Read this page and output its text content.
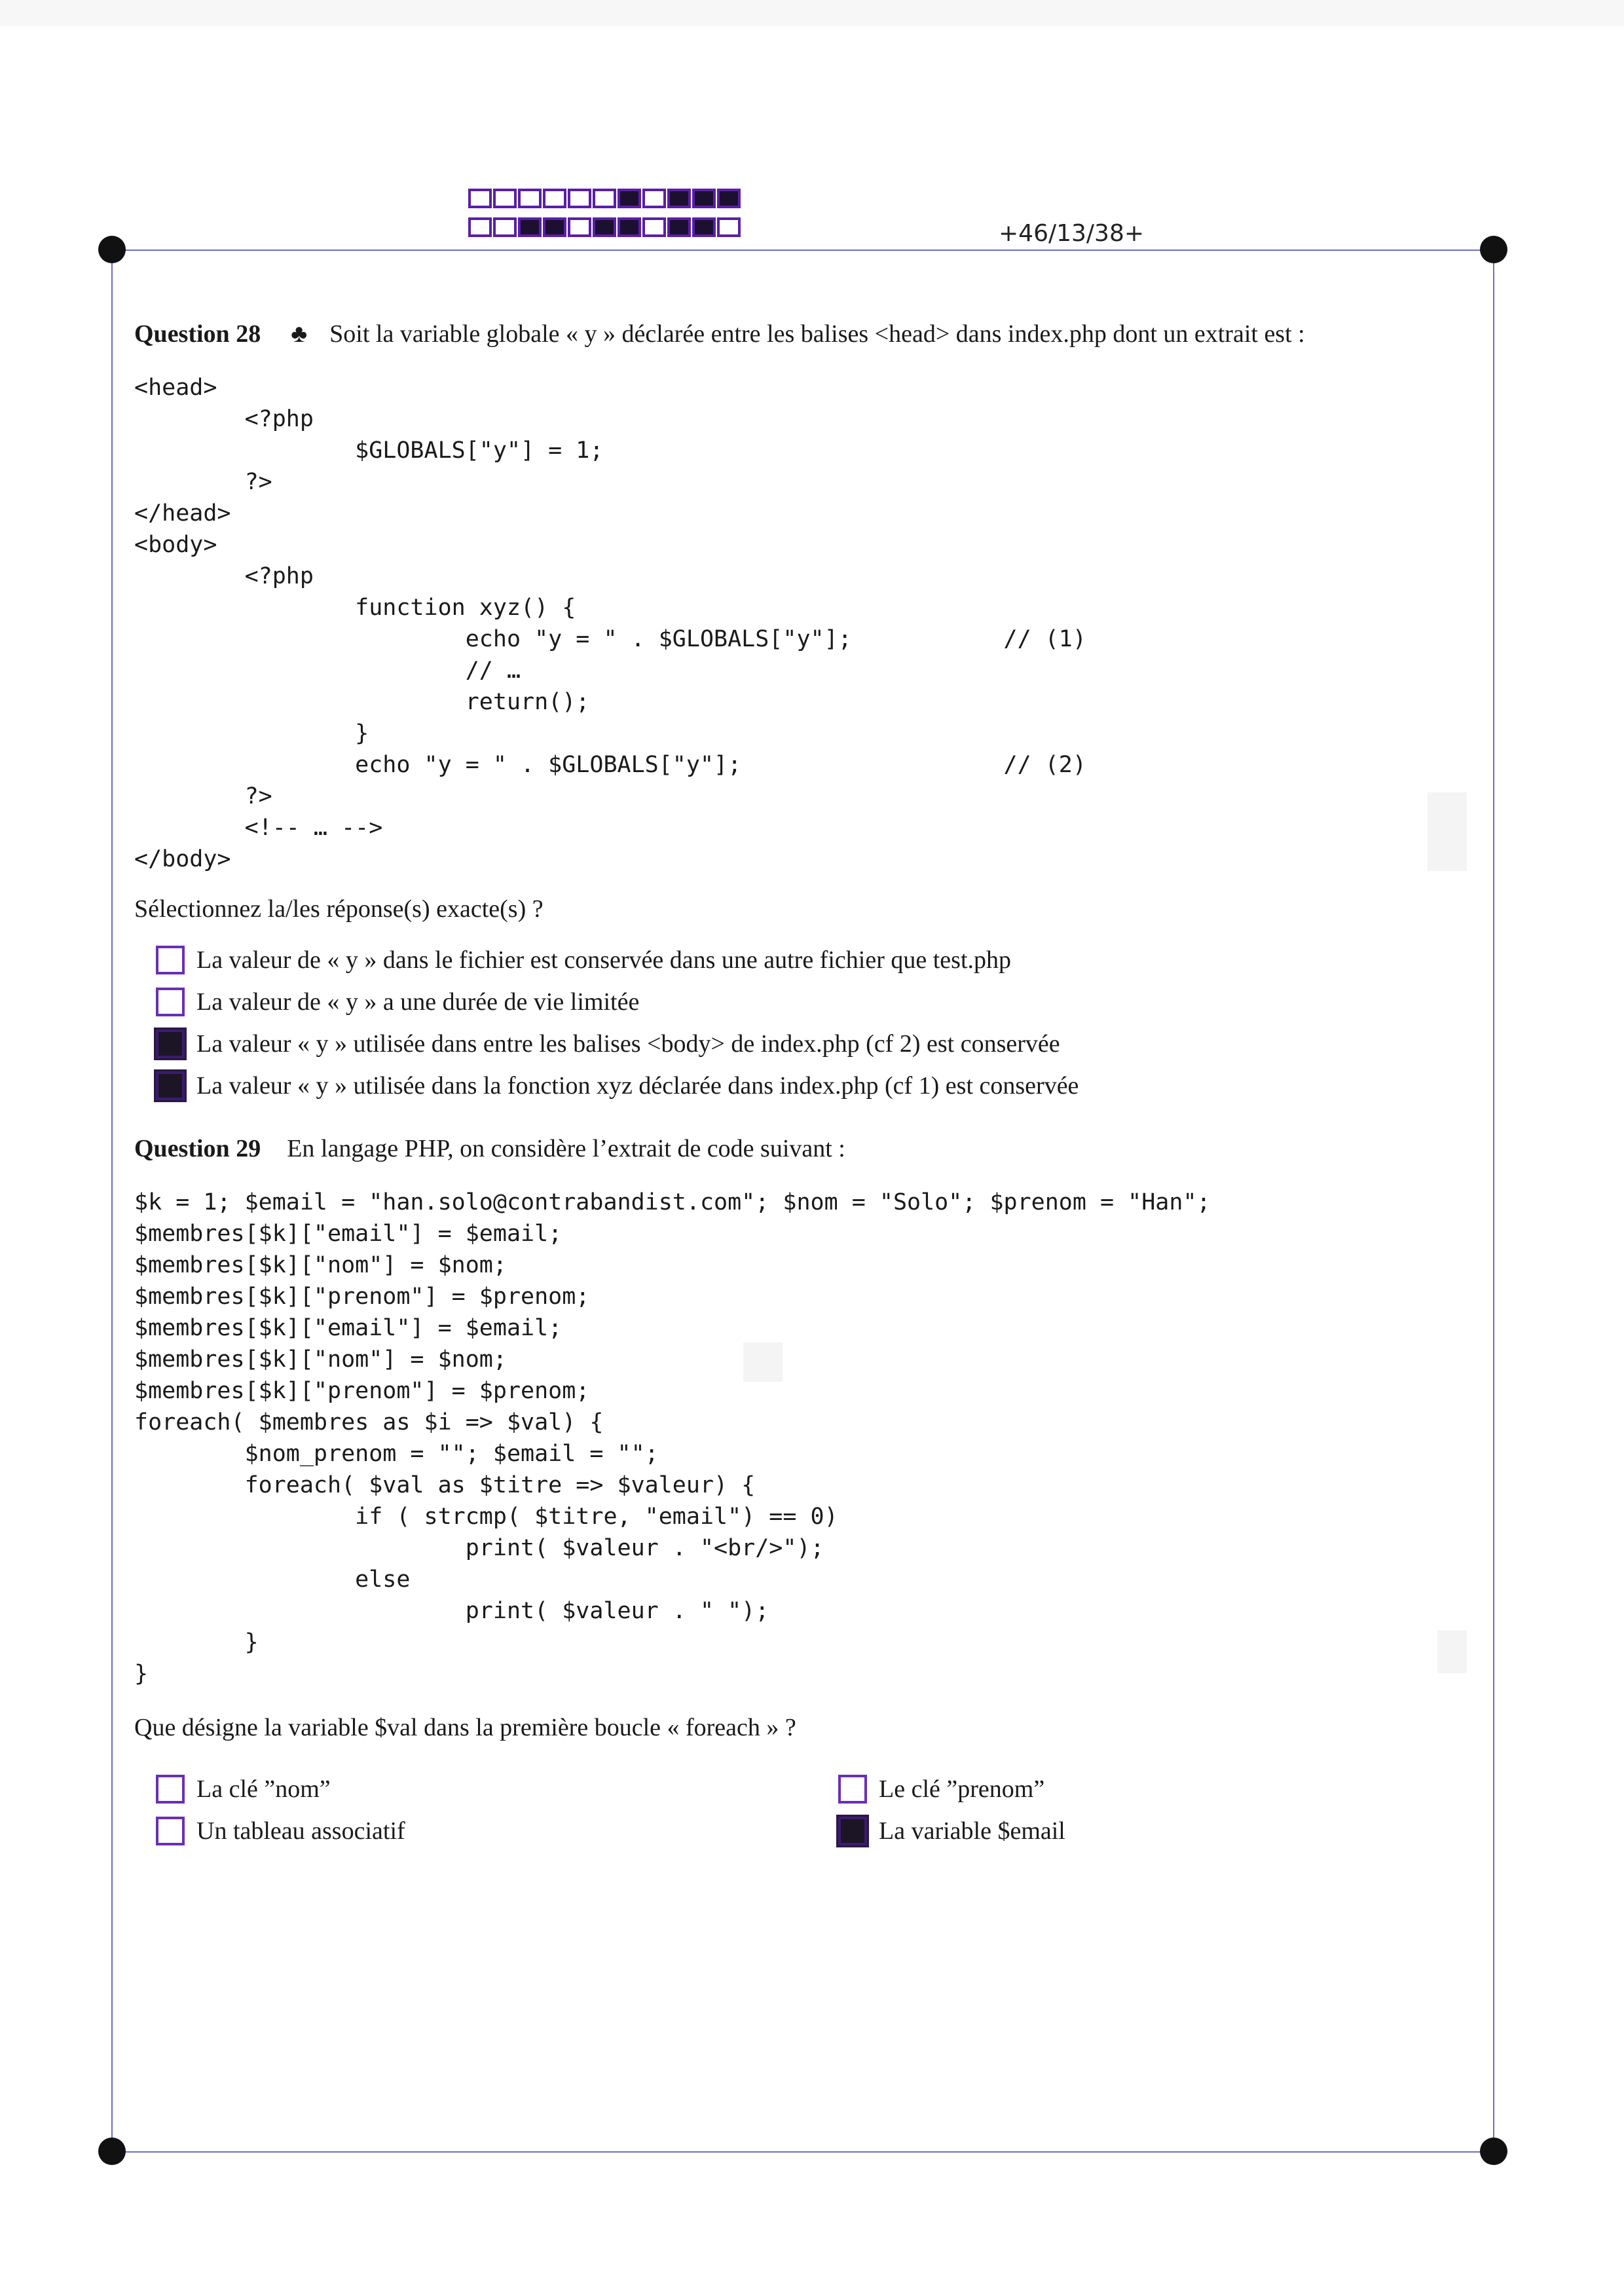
+46/13/38+
Question 28 ♣ Soit la variable globale « y » déclarée entre les balises <head> dans index.php dont un extrait est :
<head>
<?php
$GLOBALS["y"] = 1;
?>
</head>
<body>
<?php
function xyz() {
echo "y = " . $GLOBALS["y"];           // (1)
// …
return();
}
echo "y = " . $GLOBALS["y"];                   // (2)
?>
<!-- … -->
</body>
Sélectionnez la/les réponse(s) exacte(s) ?
La valeur de « y » dans le fichier est conservée dans une autre fichier que test.php
La valeur de « y » a une durée de vie limitée
La valeur « y » utilisée dans entre les balises <body> de index.php (cf 2) est conservée
La valeur « y » utilisée dans la fonction xyz déclarée dans index.php (cf 1) est conservée
Question 29 En langage PHP, on considère l’extrait de code suivant :
$k = 1; $email = "han.solo@contrabandist.com"; $nom = "Solo"; $prenom = "Han";
$membres[$k]["email"] = $email;
$membres[$k]["nom"] = $nom;
$membres[$k]["prenom"] = $prenom;
$membres[$k]["email"] = $email;
$membres[$k]["nom"] = $nom;
$membres[$k]["prenom"] = $prenom;
foreach( $membres as $i => $val) {
$nom_prenom = ""; $email = "";
foreach( $val as $titre => $valeur) {
if ( strcmp( $titre, "email") == 0)
print( $valeur . "<br/>");
else
print( $valeur . " ");
}
}
Que désigne la variable $val dans la première boucle « foreach » ?
La clé ”nom”	Le clé ”prenom”
Un tableau associatif	La variable $email
